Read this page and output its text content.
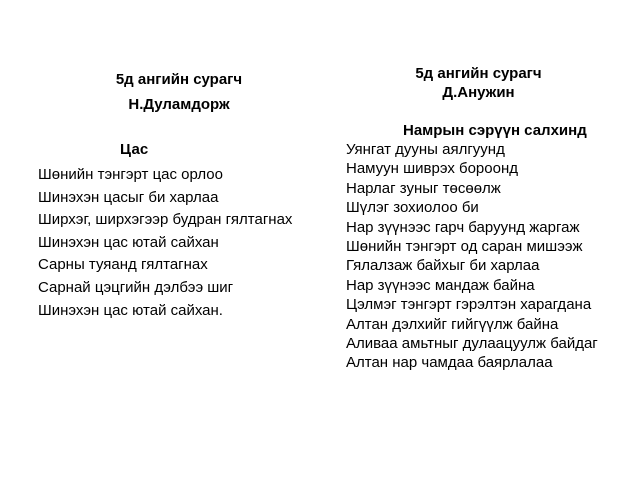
5д ангийн сурагч
Н.Дуламдорж
Цас
Шөнийн тэнгэрт цас орлоо
Шинэхэн цасыг би харлаа
Ширхэг, ширхэгээр будран гялтагнах
Шинэхэн цас ютай сайхан
Сарны туяанд гялтагнах
Сарнай цэцгийн дэлбээ шиг
Шинэхэн цас ютай сайхан.
5д ангийн сурагч
Д.Анужин
Намрын сэрүүн салхинд
Уянгат дууны аялгуунд
Намуун шиврэх бороонд
Нарлаг зуныг төсөөлж
Шүлэг зохиолоо би
Нар зүүнээс гарч баруунд жаргаж
Шөнийн тэнгэрт од саран мишээж
Гялалзаж байхыг би харлаа
Нар зүүнээс мандаж байна
Цэлмэг тэнгэрт гэрэлтэн харагдана
Алтан дэлхийг гийгүүлж байна
Аливаа амьтныг дулаацуулж байдаг
Алтан нар чамдаа баярлалаа
